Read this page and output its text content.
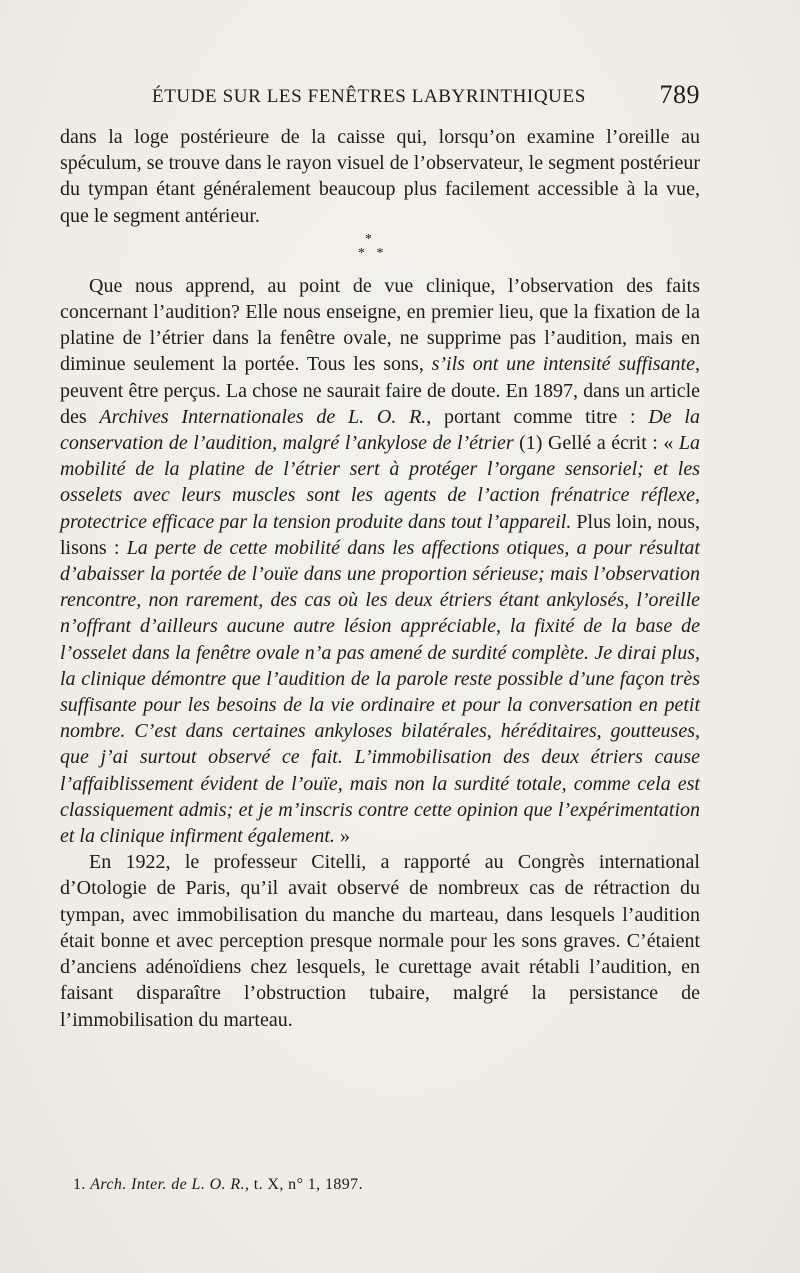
ÉTUDE SUR LES FENÊTRES LABYRINTHIQUES	789

dans la loge postérieure de la caisse qui, lorsqu’on examine l’oreille au spéculum, se trouve dans le rayon visuel de l’observateur, le segment postérieur du tympan étant généralement beaucoup plus facilement accessible à la vue, que le segment antérieur.

*
* *

Que nous apprend, au point de vue clinique, l’observation des faits concernant l’audition? Elle nous enseigne, en premier lieu, que la fixation de la platine de l’étrier dans la fenêtre ovale, ne supprime pas l’audition, mais en diminue seulement la portée. Tous les sons, s’ils ont une intensité suffisante, peuvent être perçus. La chose ne saurait faire de doute. En 1897, dans un article des Archives Internationales de L. O. R., portant comme titre : De la conservation de l’audition, malgré l’ankylose de l’étrier (1) Gellé a écrit : « La mobilité de la platine de l’étrier sert à protéger l’organe sensoriel; et les osselets avec leurs muscles sont les agents de l’action frénatrice réflexe, protectrice efficace par la tension produite dans tout l’appareil. Plus loin, nous, lisons : La perte de cette mobilité dans les affections otiques, a pour résultat d’abaisser la portée de l’ouïe dans une proportion sérieuse; mais l’observation rencontre, non rarement, des cas où les deux étriers étant ankylosés, l’oreille n’offrant d’ailleurs aucune autre lésion appréciable, la fixité de la base de l’osselet dans la fenêtre ovale n’a pas amené de surdité complète. Je dirai plus, la clinique démontre que l’audition de la parole reste possible d’une façon très suffisante pour les besoins de la vie ordinaire et pour la conversation en petit nombre. C’est dans certaines ankyloses bilatérales, héréditaires, goutteuses, que j’ai surtout observé ce fait. L’immobilisation des deux étriers cause l’affaiblissement évident de l’ouïe, mais non la surdité totale, comme cela est classiquement admis; et je m’inscris contre cette opinion que l’expérimentation et la clinique infirment également. »

En 1922, le professeur Citelli, a rapporté au Congrès international d’Otologie de Paris, qu’il avait observé de nombreux cas de rétraction du tympan, avec immobilisation du manche du marteau, dans lesquels l’audition était bonne et avec perception presque normale pour les sons graves. C’étaient d’anciens adénoïdiens chez lesquels, le curettage avait rétabli l’audition, en faisant disparaître l’obstruction tubaire, malgré la persistance de l’immobilisation du marteau.

1. Arch. Inter. de L. O. R., t. X, n° 1, 1897.
